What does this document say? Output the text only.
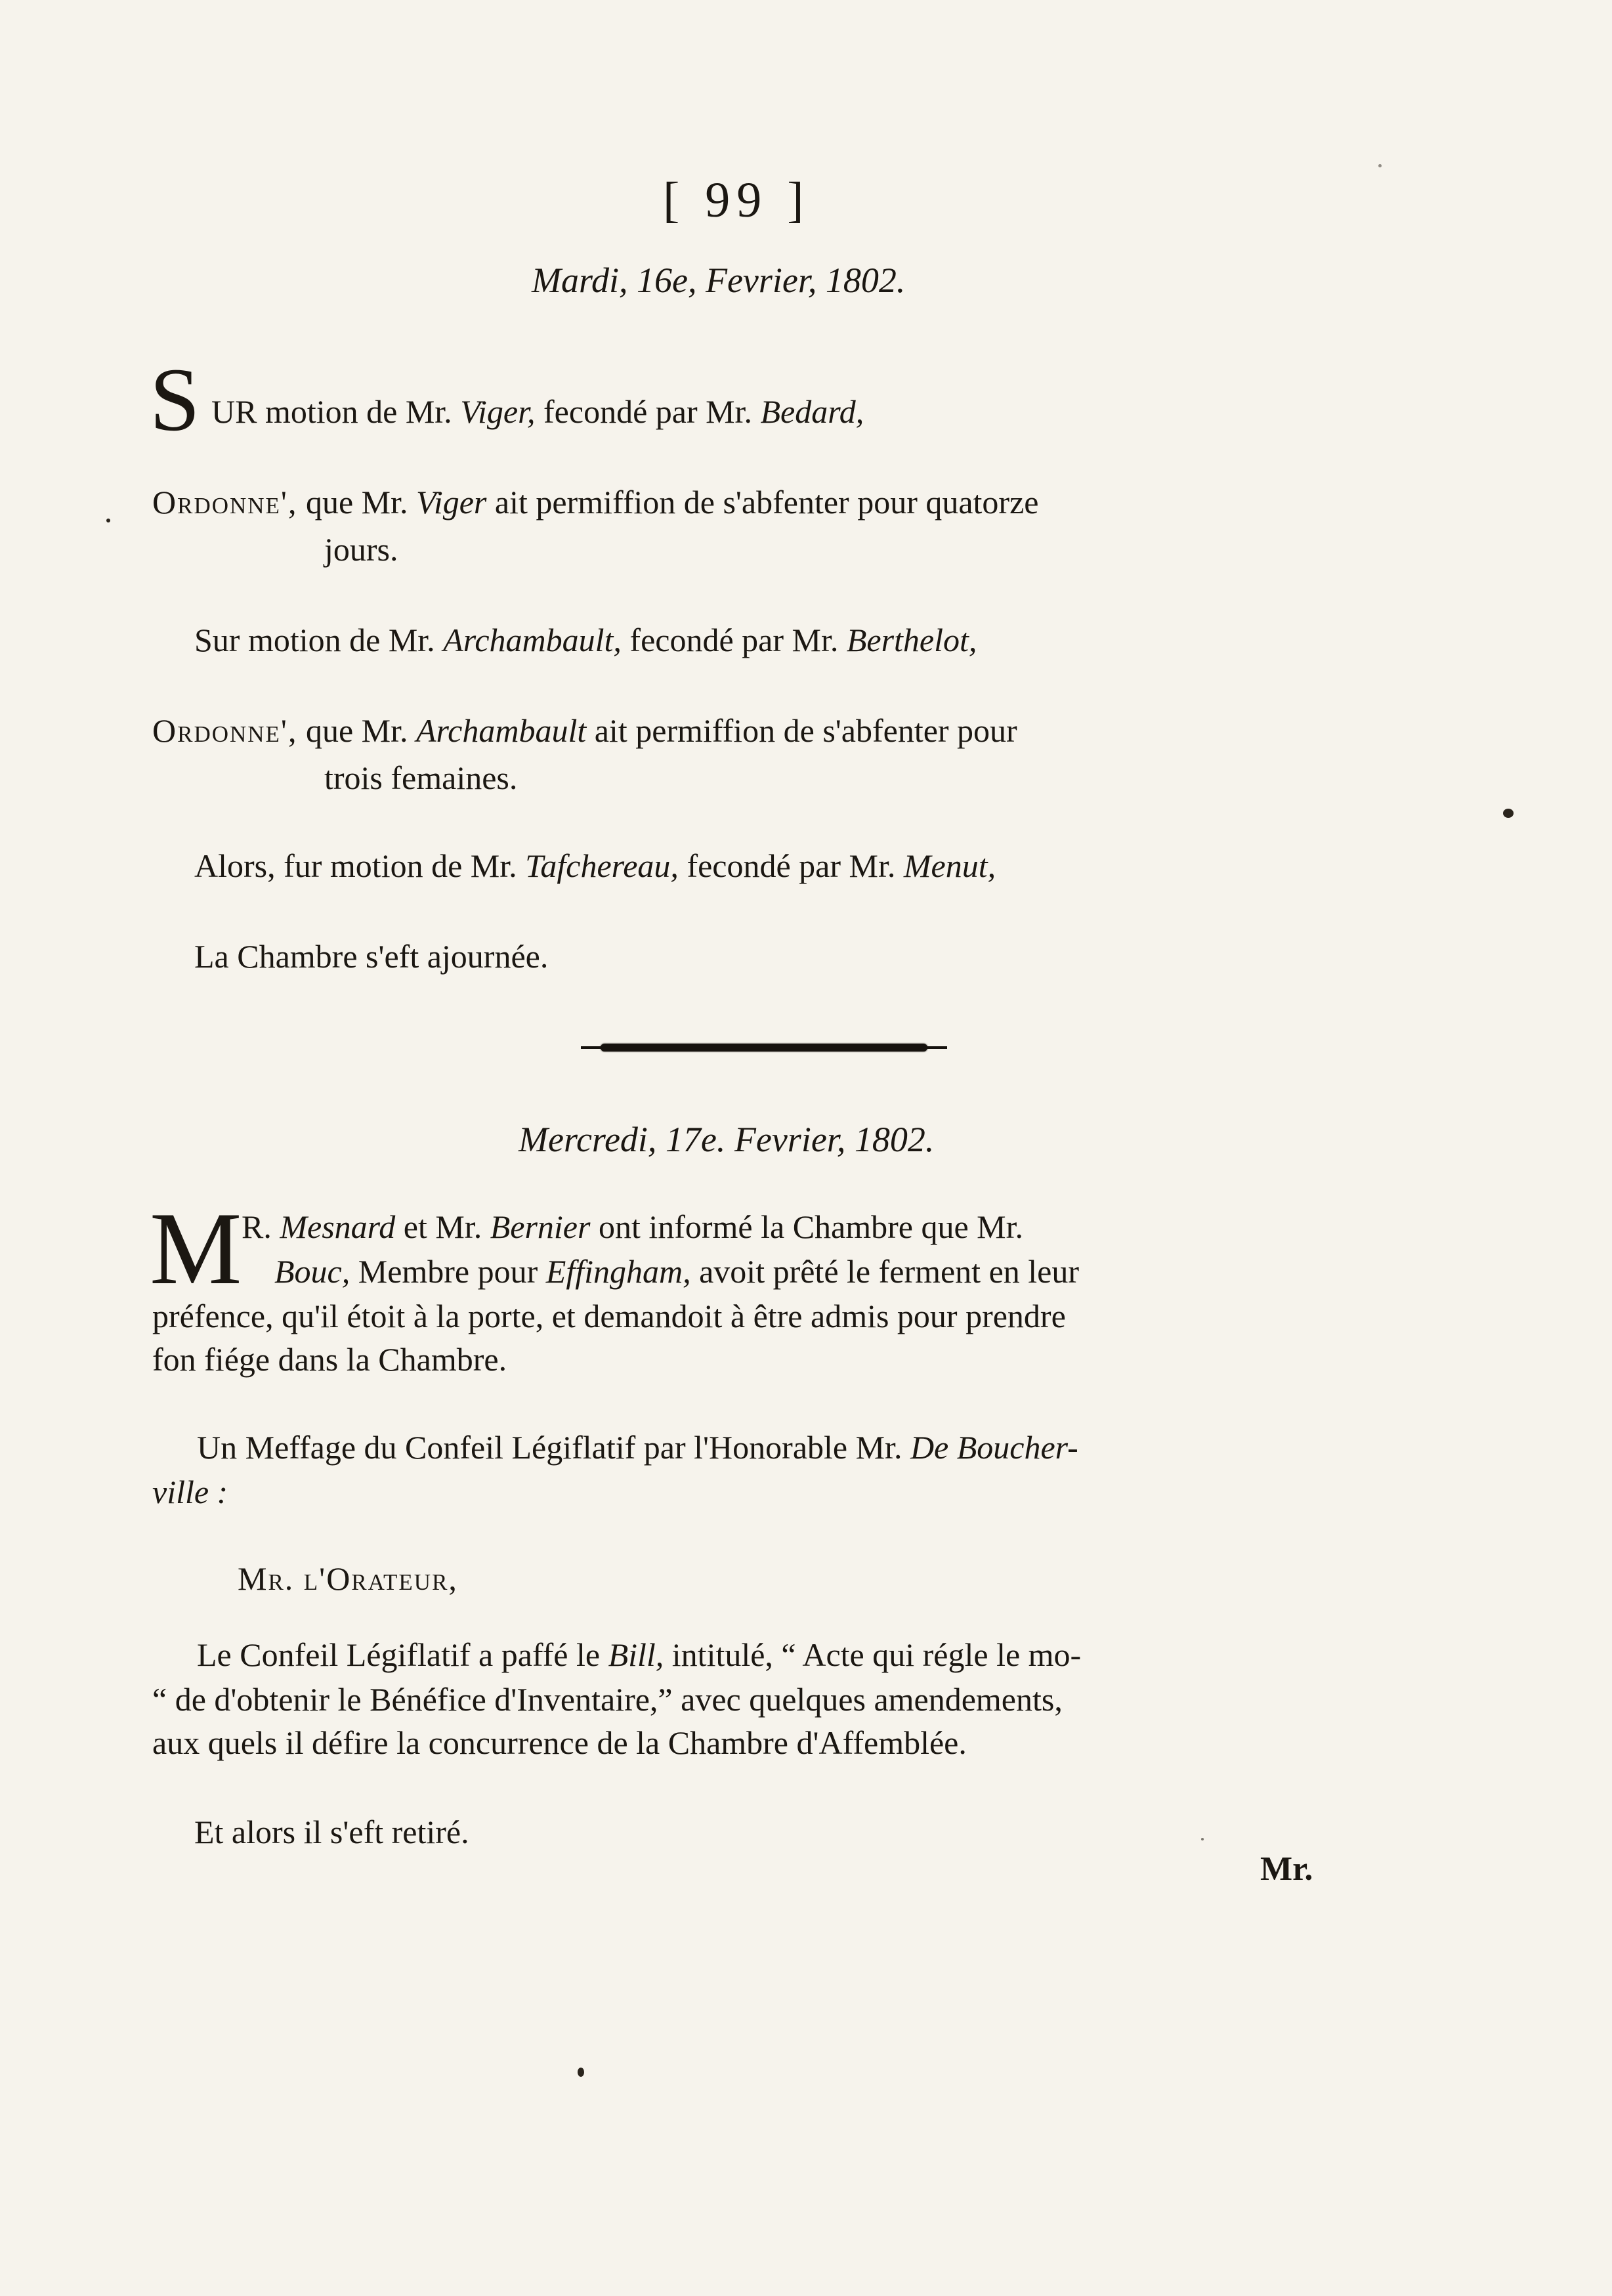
[ 99 ]
Mardi, 16e, Fevrier, 1802.
S UR motion de Mr. Viger, fecondé par Mr. Bedard,
Ordonne', que Mr. Viger ait permiffion de s'abfenter pour quatorze
jours.
Sur motion de Mr. Archambault, fecondé par Mr. Berthelot,
Ordonne', que Mr. Archambault ait permiffion de s'abfenter pour
trois femaines.
Alors, fur motion de Mr. Tafchereau, fecondé par Mr. Menut,
La Chambre s'eft ajournée.
Mercredi, 17e. Fevrier, 1802.
M R. Mesnard et Mr. Bernier ont informé la Chambre que Mr.
Bouc, Membre pour Effingham, avoit prêté le ferment en leur
préfence, qu'il étoit à la porte, et demandoit à être admis pour prendre
fon fiége dans la Chambre.
Un Meffage du Confeil Légiflatif par l'Honorable Mr. De Boucher-
ville :
Mr. l'Orateur,
Le Confeil Légiflatif a paffé le Bill, intitulé, “ Acte qui régle le mo-
“ de d'obtenir le Bénéfice d'Inventaire,” avec quelques amendements,
aux quels il défire la concurrence de la Chambre d'Affemblée.
Et alors il s'eft retiré.
Mr.
